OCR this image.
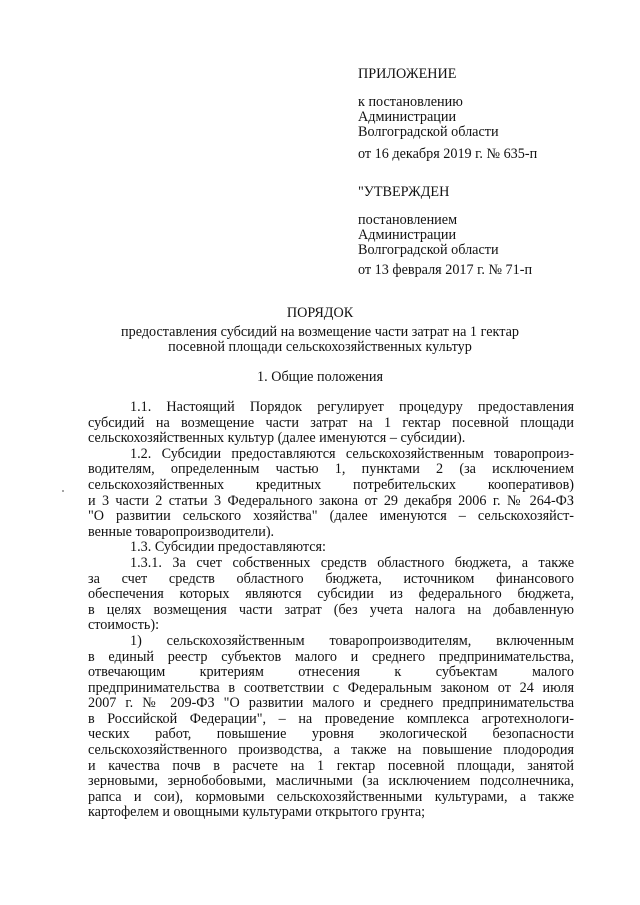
ПРИЛОЖЕНИЕ
к постановлению
Администрации
Волгоградской области
от 16 декабря 2019 г. № 635-п
"УТВЕРЖДЕН
постановлением
Администрации
Волгоградской области
от 13 февраля 2017 г. № 71-п
ПОРЯДОК
предоставления субсидий на возмещение части затрат на 1 гектар
посевной площади сельскохозяйственных культур
1. Общие положения
1.1. Настоящий Порядок регулирует процедуру предоставления
субсидий на возмещение части затрат на 1 гектар посевной площади
сельскохозяйственных культур (далее именуются – субсидии).
1.2. Субсидии предоставляются сельскохозяйственным товаропроиз-
водителям, определенным частью 1, пунктами 2 (за исключением
сельскохозяйственных кредитных потребительских кооперативов)
и 3 части 2 статьи 3 Федерального закона от 29 декабря 2006 г. № 264-ФЗ
"О развитии сельского хозяйства" (далее именуются – сельскохозяйст-
венные товаропроизводители).
1.3. Субсидии предоставляются:
1.3.1. За счет собственных средств областного бюджета, а также
за счет средств областного бюджета, источником финансового
обеспечения которых являются субсидии из федерального бюджета,
в целях возмещения части затрат (без учета налога на добавленную
стоимость):
1) сельскохозяйственным товаропроизводителям, включенным
в единый реестр субъектов малого и среднего предпринимательства,
отвечающим критериям отнесения к субъектам малого
предпринимательства в соответствии с Федеральным законом от 24 июля
2007 г. № 209-ФЗ "О развитии малого и среднего предпринимательства
в Российской Федерации", – на проведение комплекса агротехнологи-
ческих работ, повышение уровня экологической безопасности
сельскохозяйственного производства, а также на повышение плодородия
и качества почв в расчете на 1 гектар посевной площади, занятой
зерновыми, зернобобовыми, масличными (за исключением подсолнечника,
рапса и сои), кормовыми сельскохозяйственными культурами, а также
картофелем и овощными культурами открытого грунта;
